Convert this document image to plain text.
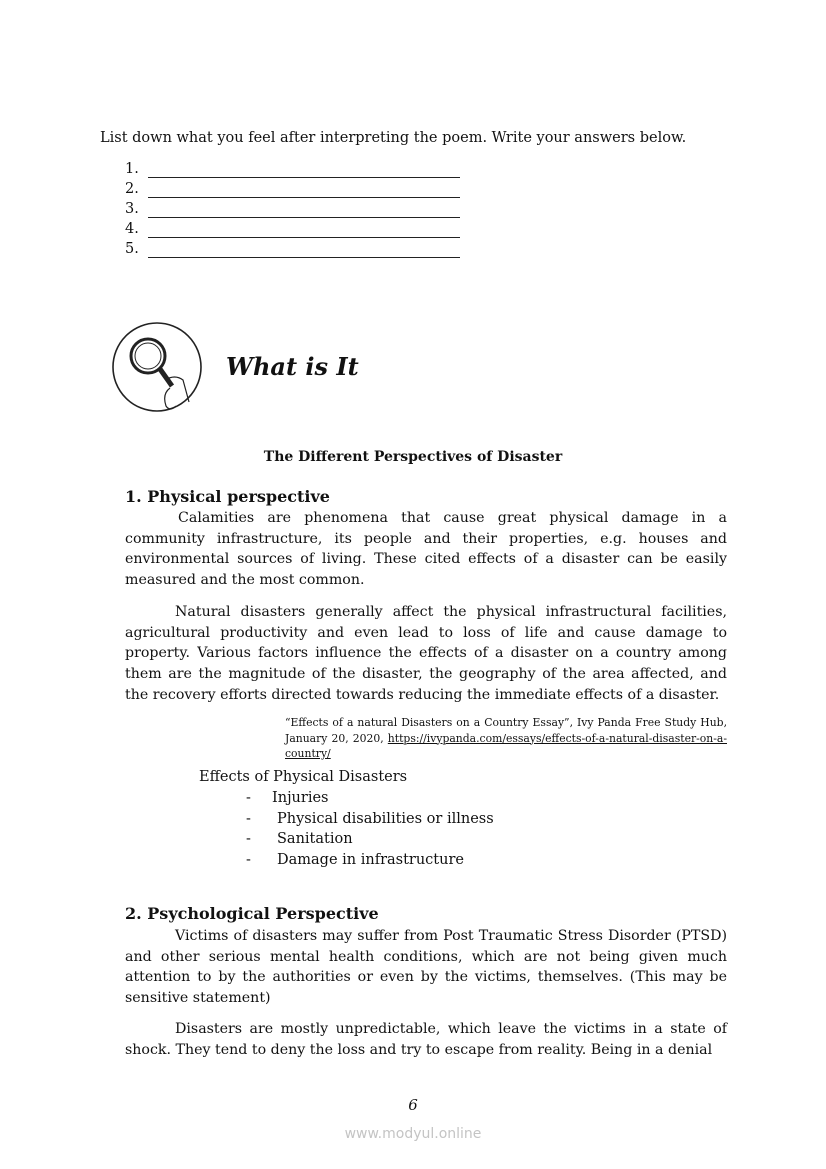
List down what you feel after interpreting the poem. Write your answers below.
1.
2.
3.
4.
5.
What is It
The Different Perspectives of Disaster
1. Physical perspective
Calamities are phenomena that cause great physical damage in a community infrastructure, its people and their properties, e.g. houses and environmental sources of living. These cited effects of a disaster can be easily measured and the most common.
Natural disasters generally affect the physical infrastructural facilities, agricultural productivity and even lead to loss of life and cause damage to property. Various factors influence the effects of a disaster on a country among them are the magnitude of the disaster, the geography of the area affected, and the recovery efforts directed towards reducing the immediate effects of a disaster.
“Effects of a natural Disasters on a Country Essay”, Ivy Panda Free Study Hub, January 20, 2020, https://ivypanda.com/essays/effects-of-a-natural-disaster-on-a-country/
Effects of Physical Disasters
- Injuries
- Physical disabilities or illness
- Sanitation
- Damage in infrastructure
2. Psychological Perspective
Victims of disasters may suffer from Post Traumatic Stress Disorder (PTSD) and other serious mental health conditions, which are not being given much attention to by the authorities or even by the victims, themselves. (This may be sensitive statement)
Disasters are mostly unpredictable, which leave the victims in a state of shock. They tend to deny the loss and try to escape from reality. Being in a denial
6
www.modyul.online
